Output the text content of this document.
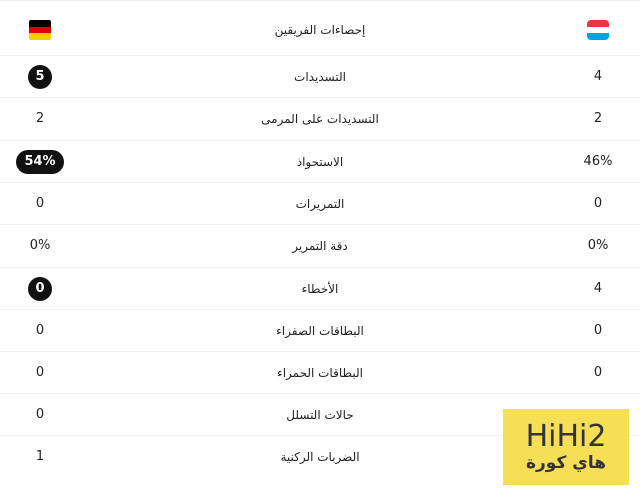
إحصاءات الفريقين
5	التسديدات	4
2	التسديدات على المرمى	2
54%	الاستحواذ	46%
0	التمريرات	0
0%	دقة التمرير	0%
0	الأخطاء	4
0	البطاقات الصفراء	0
0	البطاقات الحمراء	0
0	حالات التسلل
1	الضربات الركنية
HiHi2
هاي كورة
